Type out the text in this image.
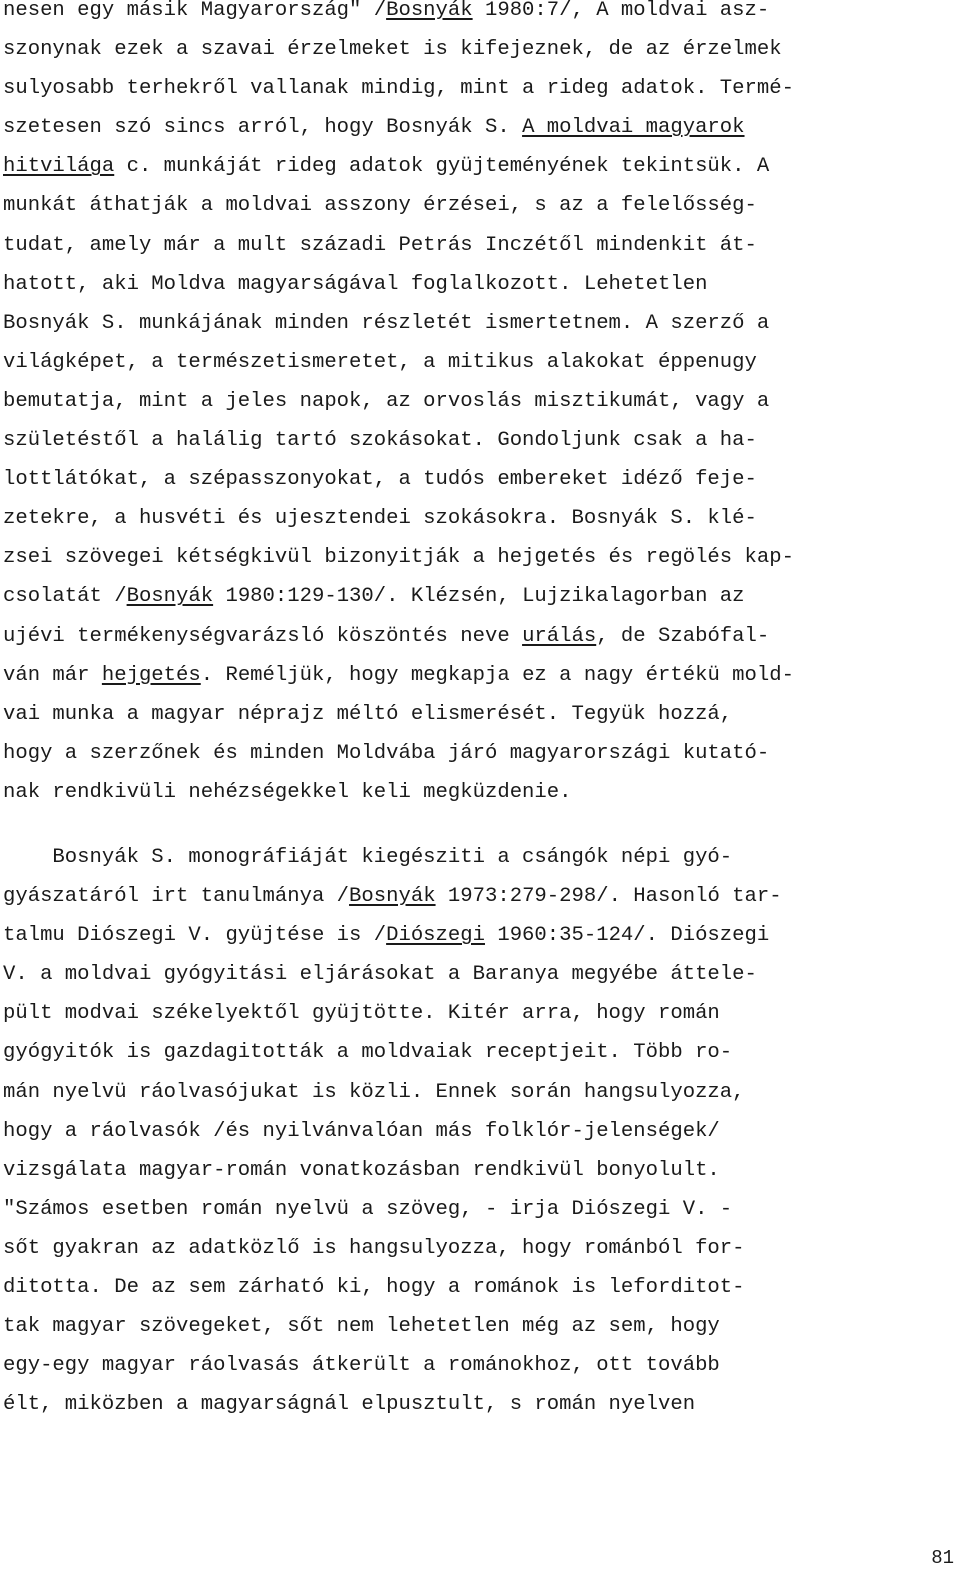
nesen egy másik Magyarország" /Bosnyák 1980:7/, A moldvai asz-
szonynak ezek a szavai érzelmeket is kifejeznek, de az érzelmek
sulyosabb terhekről vallanak mindig, mint a rideg adatok. Termé-
szetesen szó sincs arról, hogy Bosnyák S. A moldvai magyarok
hitvilága c. munkáját rideg adatok gyüjteményének tekintsük. A
munkát áthatják a moldvai asszony érzései, s az a felelősség-
tudat, amely már a mult századi Petrás Inczétől mindenkit át-
hatott, aki Moldva magyarságával foglalkozott. Lehetetlen
Bosnyák S. munkájának minden részletét ismertetnem. A szerző a
világképet, a természetismeretet, a mitikus alakokat éppenugy
bemutatja, mint a jeles napok, az orvoslás misztikumát, vagy a
születéstől a halálig tartó szokásokat. Gondoljunk csak a ha-
lottlátókat, a szépasszonyokat, a tudós embereket idéző feje-
zetekre, a husvéti és ujesztendei szokásokra. Bosnyák S. klé-
zsei szövegei kétségkivül bizonyitják a hejgetés és regölés kap-
csolatát /Bosnyák 1980:129-130/. Klézsén, Lujzikalagorban az
ujévi termékenységvarázsló köszöntés neve urálás, de Szabófal-
ván már hejgetés. Reméljük, hogy megkapja ez a nagy értékü mold-
vai munka a magyar néprajz méltó elismerését. Tegyük hozzá,
hogy a szerzőnek és minden Moldvába járó magyarországi kutató-
nak rendkivüli nehézségekkel keli megküzdenie.
Bosnyák S. monográfiáját kiegésziti a csángók népi gyó-
gyászatáról irt tanulmánya /Bosnyák 1973:279-298/. Hasonló tar-
talmu Diószegi V. gyüjtése is /Diószegi 1960:35-124/. Diószegi
V. a moldvai gyógyitási eljárásokat a Baranya megyébe áttele-
pült modvai székelyektől gyüjtötte. Kitér arra, hogy román
gyógyitók is gazdagitották a moldvaiak receptjeit. Több ro-
mán nyelvü ráolvasójukat is közli. Ennek során hangsulyozza,
hogy a ráolvasók /és nyilvánvalóan más folklór-jelenségek/
vizsgálata magyar-román vonatkozásban rendkivül bonyolult.
"Számos esetben román nyelvü a szöveg, - irja Diószegi V. -
sőt gyakran az adatközlő is hangsulyozza, hogy románból for-
ditotta. De az sem zárható ki, hogy a románok is leforditot-
tak magyar szövegeket, sőt nem lehetetlen még az sem, hogy
egy-egy magyar ráolvasás átkerült a románokhoz, ott tovább
élt, miközben a magyarságnál elpusztult, s román nyelven
81
